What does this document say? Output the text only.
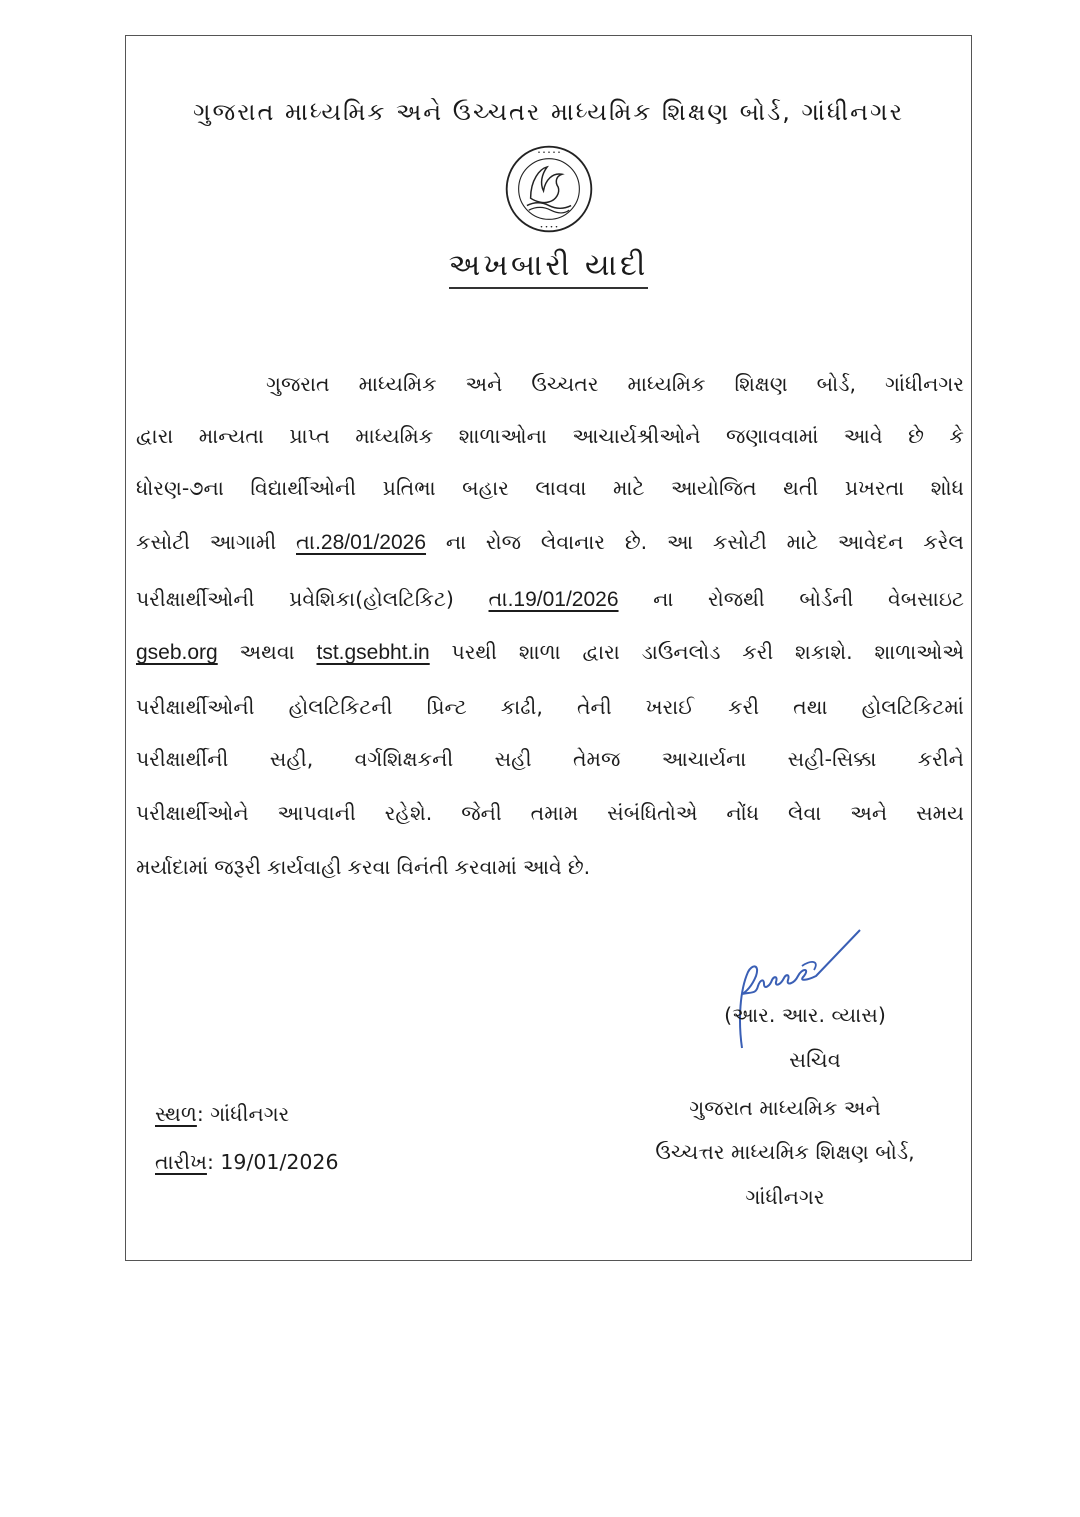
ગુજરાત માધ્યમિક અને ઉચ્ચતર માધ્યમિક શિક્ષણ બોર્ડ, ગાંધીનગર
• • • • •
• • • •
અખબારી યાદી
ગુજરાત માધ્યમિક અને ઉચ્ચતર માધ્યમિક શિક્ષણ બોર્ડ, ગાંધીનગર
દ્વારા માન્યતા પ્રાપ્ત માધ્યમિક શાળાઓના આચાર્યશ્રીઓને જણાવવામાં આવે છે કે
ધોરણ-૭ના વિદ્યાર્થીઓની પ્રતિભા બહાર લાવવા માટે આયોજિત થતી પ્રખરતા શોધ
કસોટી આગામી તા.28/01/2026 ના રોજ લેવાનાર છે. આ કસોટી માટે આવેદન કરેલ
પરીક્ષાર્થીઓની પ્રવેશિકા(હોલટિકિટ) તા.19/01/2026 ના રોજથી બોર્ડની વેબસાઇટ
gseb.org અથવા tst.gsebht.in પરથી શાળા દ્વારા ડાઉનલોડ કરી શકાશે. શાળાઓએ
પરીક્ષાર્થીઓની હોલટિકિટની પ્રિન્ટ કાઢી, તેની ખરાઈ કરી તથા હોલટિકિટમાં
પરીક્ષાર્થીની સહી, વર્ગશિક્ષકની સહી તેમજ આચાર્યના સહી-સિક્કા કરીને
પરીક્ષાર્થીઓને આપવાની રહેશે. જેની તમામ સંબંધિતોએ નોંધ લેવા અને સમય
મર્યાદામાં જરૂરી કાર્યવાહી કરવા વિનંતી કરવામાં આવે છે.
(આર. આર. વ્યાસ)
સચિવ
ગુજરાત માધ્યમિક અને
ઉચ્ચત્તર માધ્યમિક શિક્ષણ બોર્ડ,
ગાંધીનગર
સ્થળ: ગાંધીનગર
તારીખ: 19/01/2026
